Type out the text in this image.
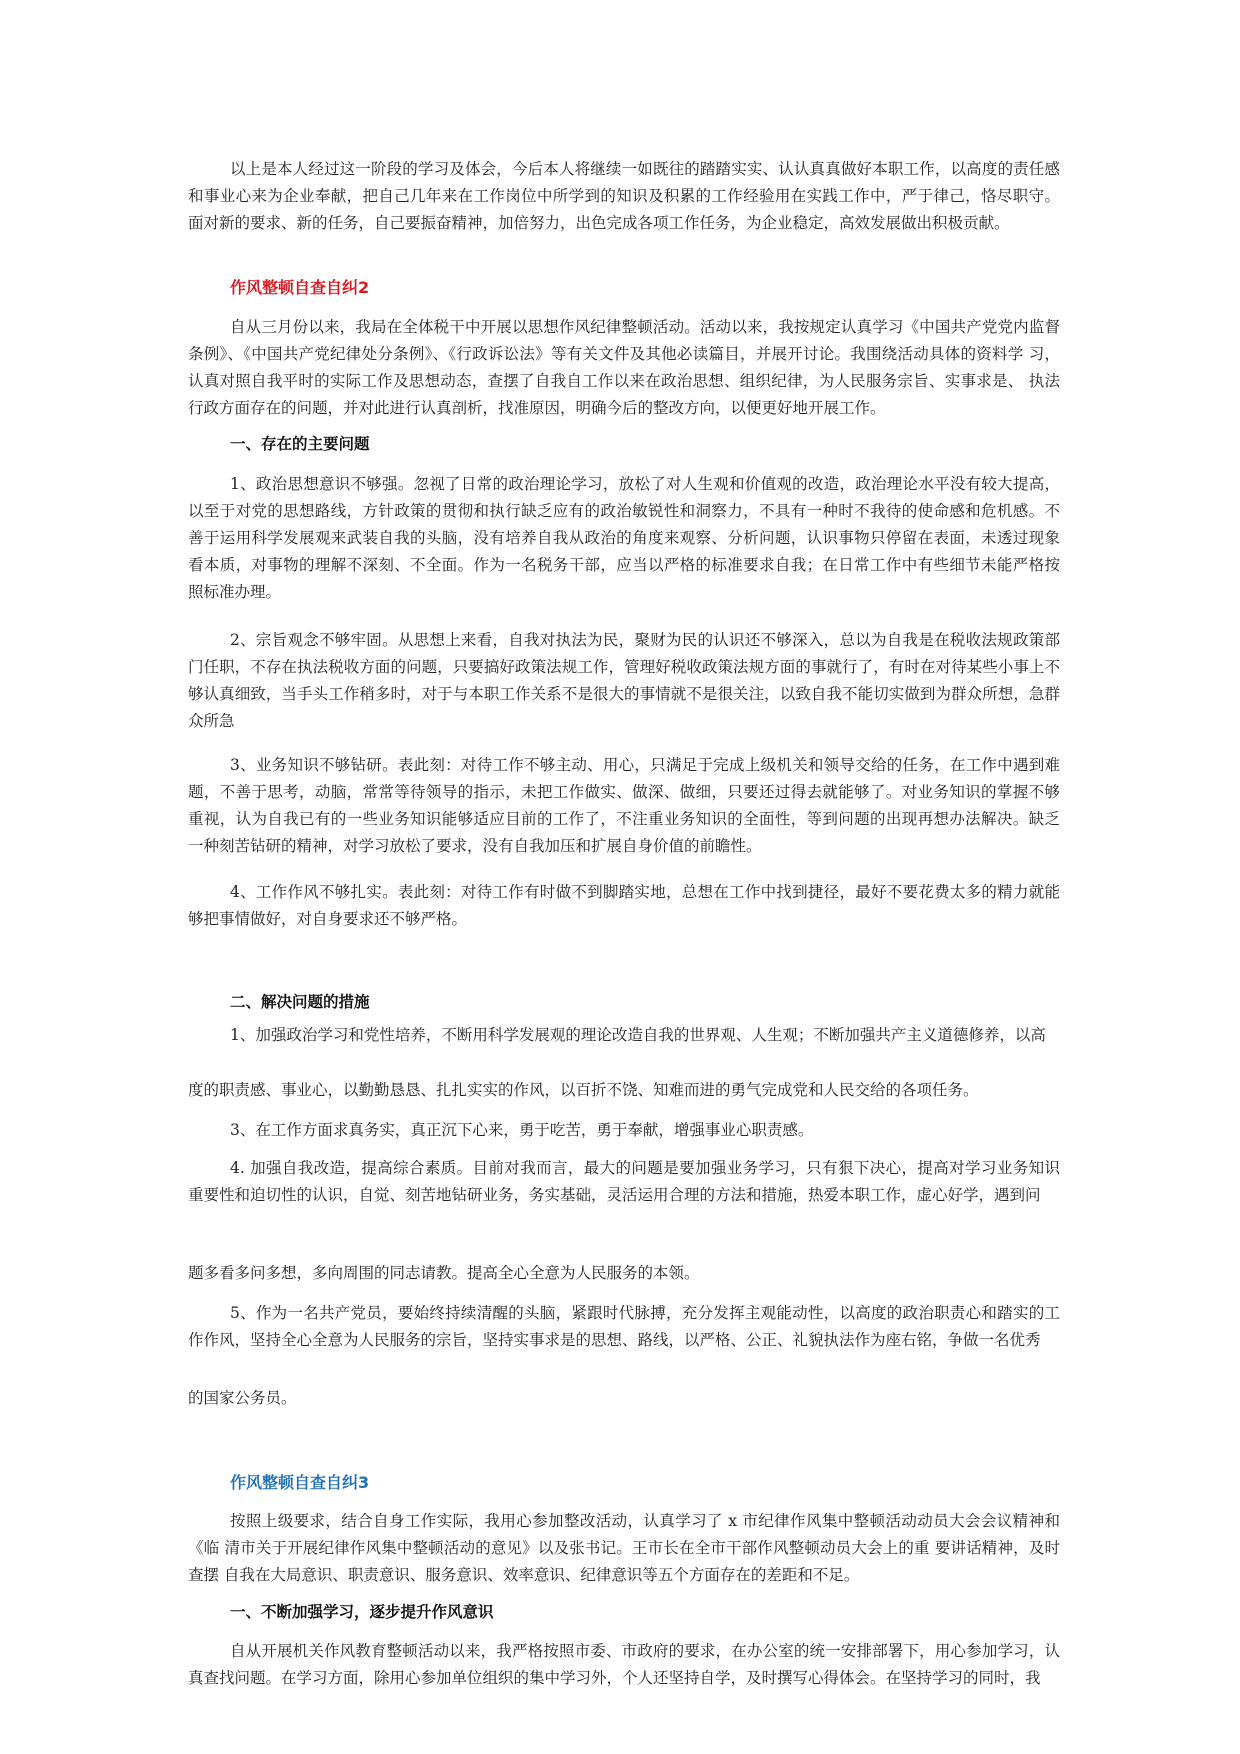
以上是本人经过这一阶段的学习及体会，今后本人将继续一如既往的踏踏实实、认认真真做好本职工作，以高度的责任感 和事业心来为企业奉献，把自己几年来在工作岗位中所学到的知识及积累的工作经验用在实践工作中，严于律己，恪尽职守。 面对新的要求、新的任务，自己要振奋精神，加倍努力，出色完成各项工作任务，为企业稳定，高效发展做出积极贡献。

作风整顿自查自纠2

自从三月份以来，我局在全体税干中开展以思想作风纪律整顿活动。活动以来，我按规定认真学习《中国共产党党内监督 条例》、《中国共产党纪律处分条例》、《行政诉讼法》等有关文件及其他必读篇目，并展开讨论。我围绕活动具体的资料学 习，认真对照自我平时的实际工作及思想动态，查摆了自我自工作以来在政治思想、组织纪律，为人民服务宗旨、实事求是、 执法行政方面存在的问题，并对此进行认真剖析，找准原因，明确今后的整改方向，以便更好地开展工作。

一、存在的主要问题

1、政治思想意识不够强。忽视了日常的政治理论学习，放松了对人生观和价值观的改造，政治理论水平没有较大提高， 以至于对党的思想路线，方针政策的贯彻和执行缺乏应有的政治敏锐性和洞察力，不具有一种时不我待的使命感和危机感。不 善于运用科学发展观来武装自我的头脑，没有培养自我从政治的角度来观察、分析问题，认识事物只停留在表面，未透过现象 看本质，对事物的理解不深刻、不全面。作为一名税务干部，应当以严格的标准要求自我；在日常工作中有些细节未能严格按 照标准办理。

2、宗旨观念不够牢固。从思想上来看，自我对执法为民，聚财为民的认识还不够深入，总以为自我是在税收法规政策部门任职，不存在执法税收方面的问题，只要搞好政策法规工作，管理好税收政策法规方面的事就行了，有时在对待某些小事上不够认真细致，当手头工作稍多时，对于与本职工作关系不是很大的事情就不是很关注，以致自我不能切实做到为群众所想，急群众所急

3、业务知识不够钻研。表此刻：对待工作不够主动、用心，只满足于完成上级机关和领导交给的任务，在工作中遇到难 题，不善于思考，动脑，常常等待领导的指示，未把工作做实、做深、做细，只要还过得去就能够了。对业务知识的掌握不够 重视，认为自我已有的一些业务知识能够适应目前的工作了，不注重业务知识的全面性，等到问题的出现再想办法解决。缺乏 一种刻苦钻研的精神，对学习放松了要求，没有自我加压和扩展自身价值的前瞻性。

4、工作作风不够扎实。表此刻：对待工作有时做不到脚踏实地，总想在工作中找到捷径，最好不要花费太多的精力就能 够把事情做好，对自身要求还不够严格。

二、解决问题的措施

1、加强政治学习和党性培养，不断用科学发展观的理论改造自我的世界观、人生观；不断加强共产主义道德修养，以高

度的职责感、事业心，以勤勤恳恳、扎扎实实的作风，以百折不饶、知难而进的勇气完成党和人民交给的各项任务。

3、在工作方面求真务实，真正沉下心来，勇于吃苦，勇于奉献，增强事业心职责感。

4. 加强自我改造，提高综合素质。目前对我而言，最大的问题是要加强业务学习，只有狠下决心，提高对学习业务知识 重要性和迫切性的认识，自觉、刻苦地钻研业务，务实基础，灵活运用合理的方法和措施，热爱本职工作，虚心好学，遇到问

题多看多问多想，多向周围的同志请教。提高全心全意为人民服务的本领。

5、作为一名共产党员，要始终持续清醒的头脑，紧跟时代脉搏，充分发挥主观能动性，以高度的政治职责心和踏实的工作作风，坚持全心全意为人民服务的宗旨，坚持实事求是的思想、路线，以严格、公正、礼貌执法作为座右铭，争做一名优秀

的国家公务员。

作风整顿自查自纠3

按照上级要求，结合自身工作实际，我用心参加整改活动，认真学习了 x 市纪律作风集中整顿活动动员大会会议精神和《临 清市关于开展纪律作风集中整顿活动的意见》以及张书记。王市长在全市干部作风整顿动员大会上的重 要讲话精神，及时查摆 自我在大局意识、职责意识、服务意识、效率意识、纪律意识等五个方面存在的差距和不足。

一、不断加强学习，逐步提升作风意识

自从开展机关作风教育整顿活动以来，我严格按照市委、市政府的要求，在办公室的统一安排部署下，用心参加学习，认 真查找问题。在学习方面，除用心参加单位组织的集中学习外，个人还坚持自学，及时撰写心得体会。在坚持学习的同时，我
